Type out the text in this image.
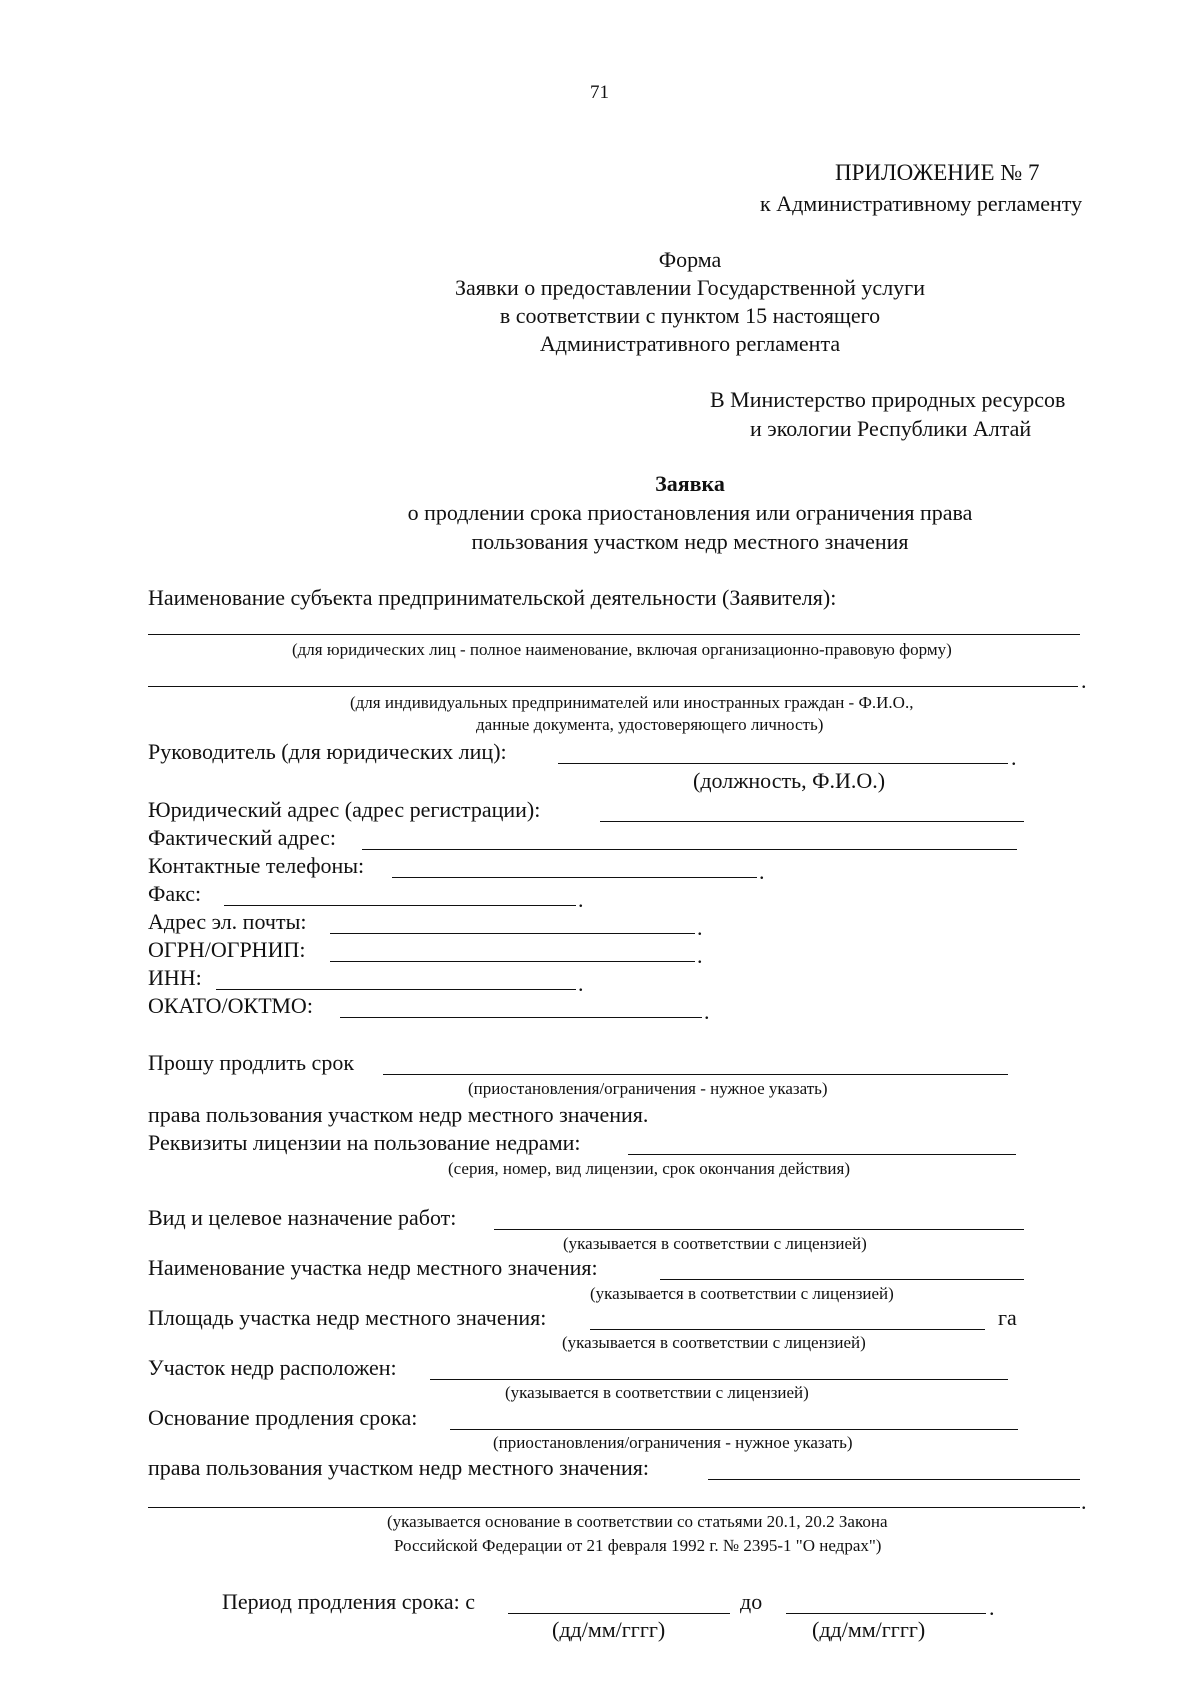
71
ПРИЛОЖЕНИЕ № 7
к Административному регламенту
Форма
Заявки о предоставлении Государственной услуги
в соответствии с пунктом 15 настоящего
Административного регламента
В Министерство природных ресурсов
и экологии Республики Алтай
Заявка
о продлении срока приостановления или ограничения права
пользования участком недр местного значения
Наименование субъекта предпринимательской деятельности (Заявителя):
(для юридических лиц - полное наименование, включая организационно-правовую форму)
.
(для индивидуальных предпринимателей или иностранных граждан - Ф.И.О.,
данные документа, удостоверяющего личность)
Руководитель (для юридических лиц):	.
(должность, Ф.И.О.)
Юридический адрес (адрес регистрации):
Фактический адрес:
Контактные телефоны:	.
Факс:	.
Адрес эл. почты:	.
ОГРН/ОГРНИП:	.
ИНН:	.
ОКАТО/ОКТМО:	.
Прошу продлить срок
(приостановления/ограничения - нужное указать)
права пользования участком недр местного значения.
Реквизиты лицензии на пользование недрами:
(серия, номер, вид лицензии, срок окончания действия)
Вид и целевое назначение работ:
(указывается в соответствии с лицензией)
Наименование участка недр местного значения:
(указывается в соответствии с лицензией)
Площадь участка недр местного значения:	га
(указывается в соответствии с лицензией)
Участок недр расположен:
(указывается в соответствии с лицензией)
Основание продления срока:
(приостановления/ограничения - нужное указать)
права пользования участком недр местного значения:
.
(указывается основание в соответствии со статьями 20.1, 20.2 Закона
Российской Федерации от 21 февраля 1992 г. № 2395-1 "О недрах")
Период продления срока: с	до	.
(дд/мм/гггг)	(дд/мм/гггг)
